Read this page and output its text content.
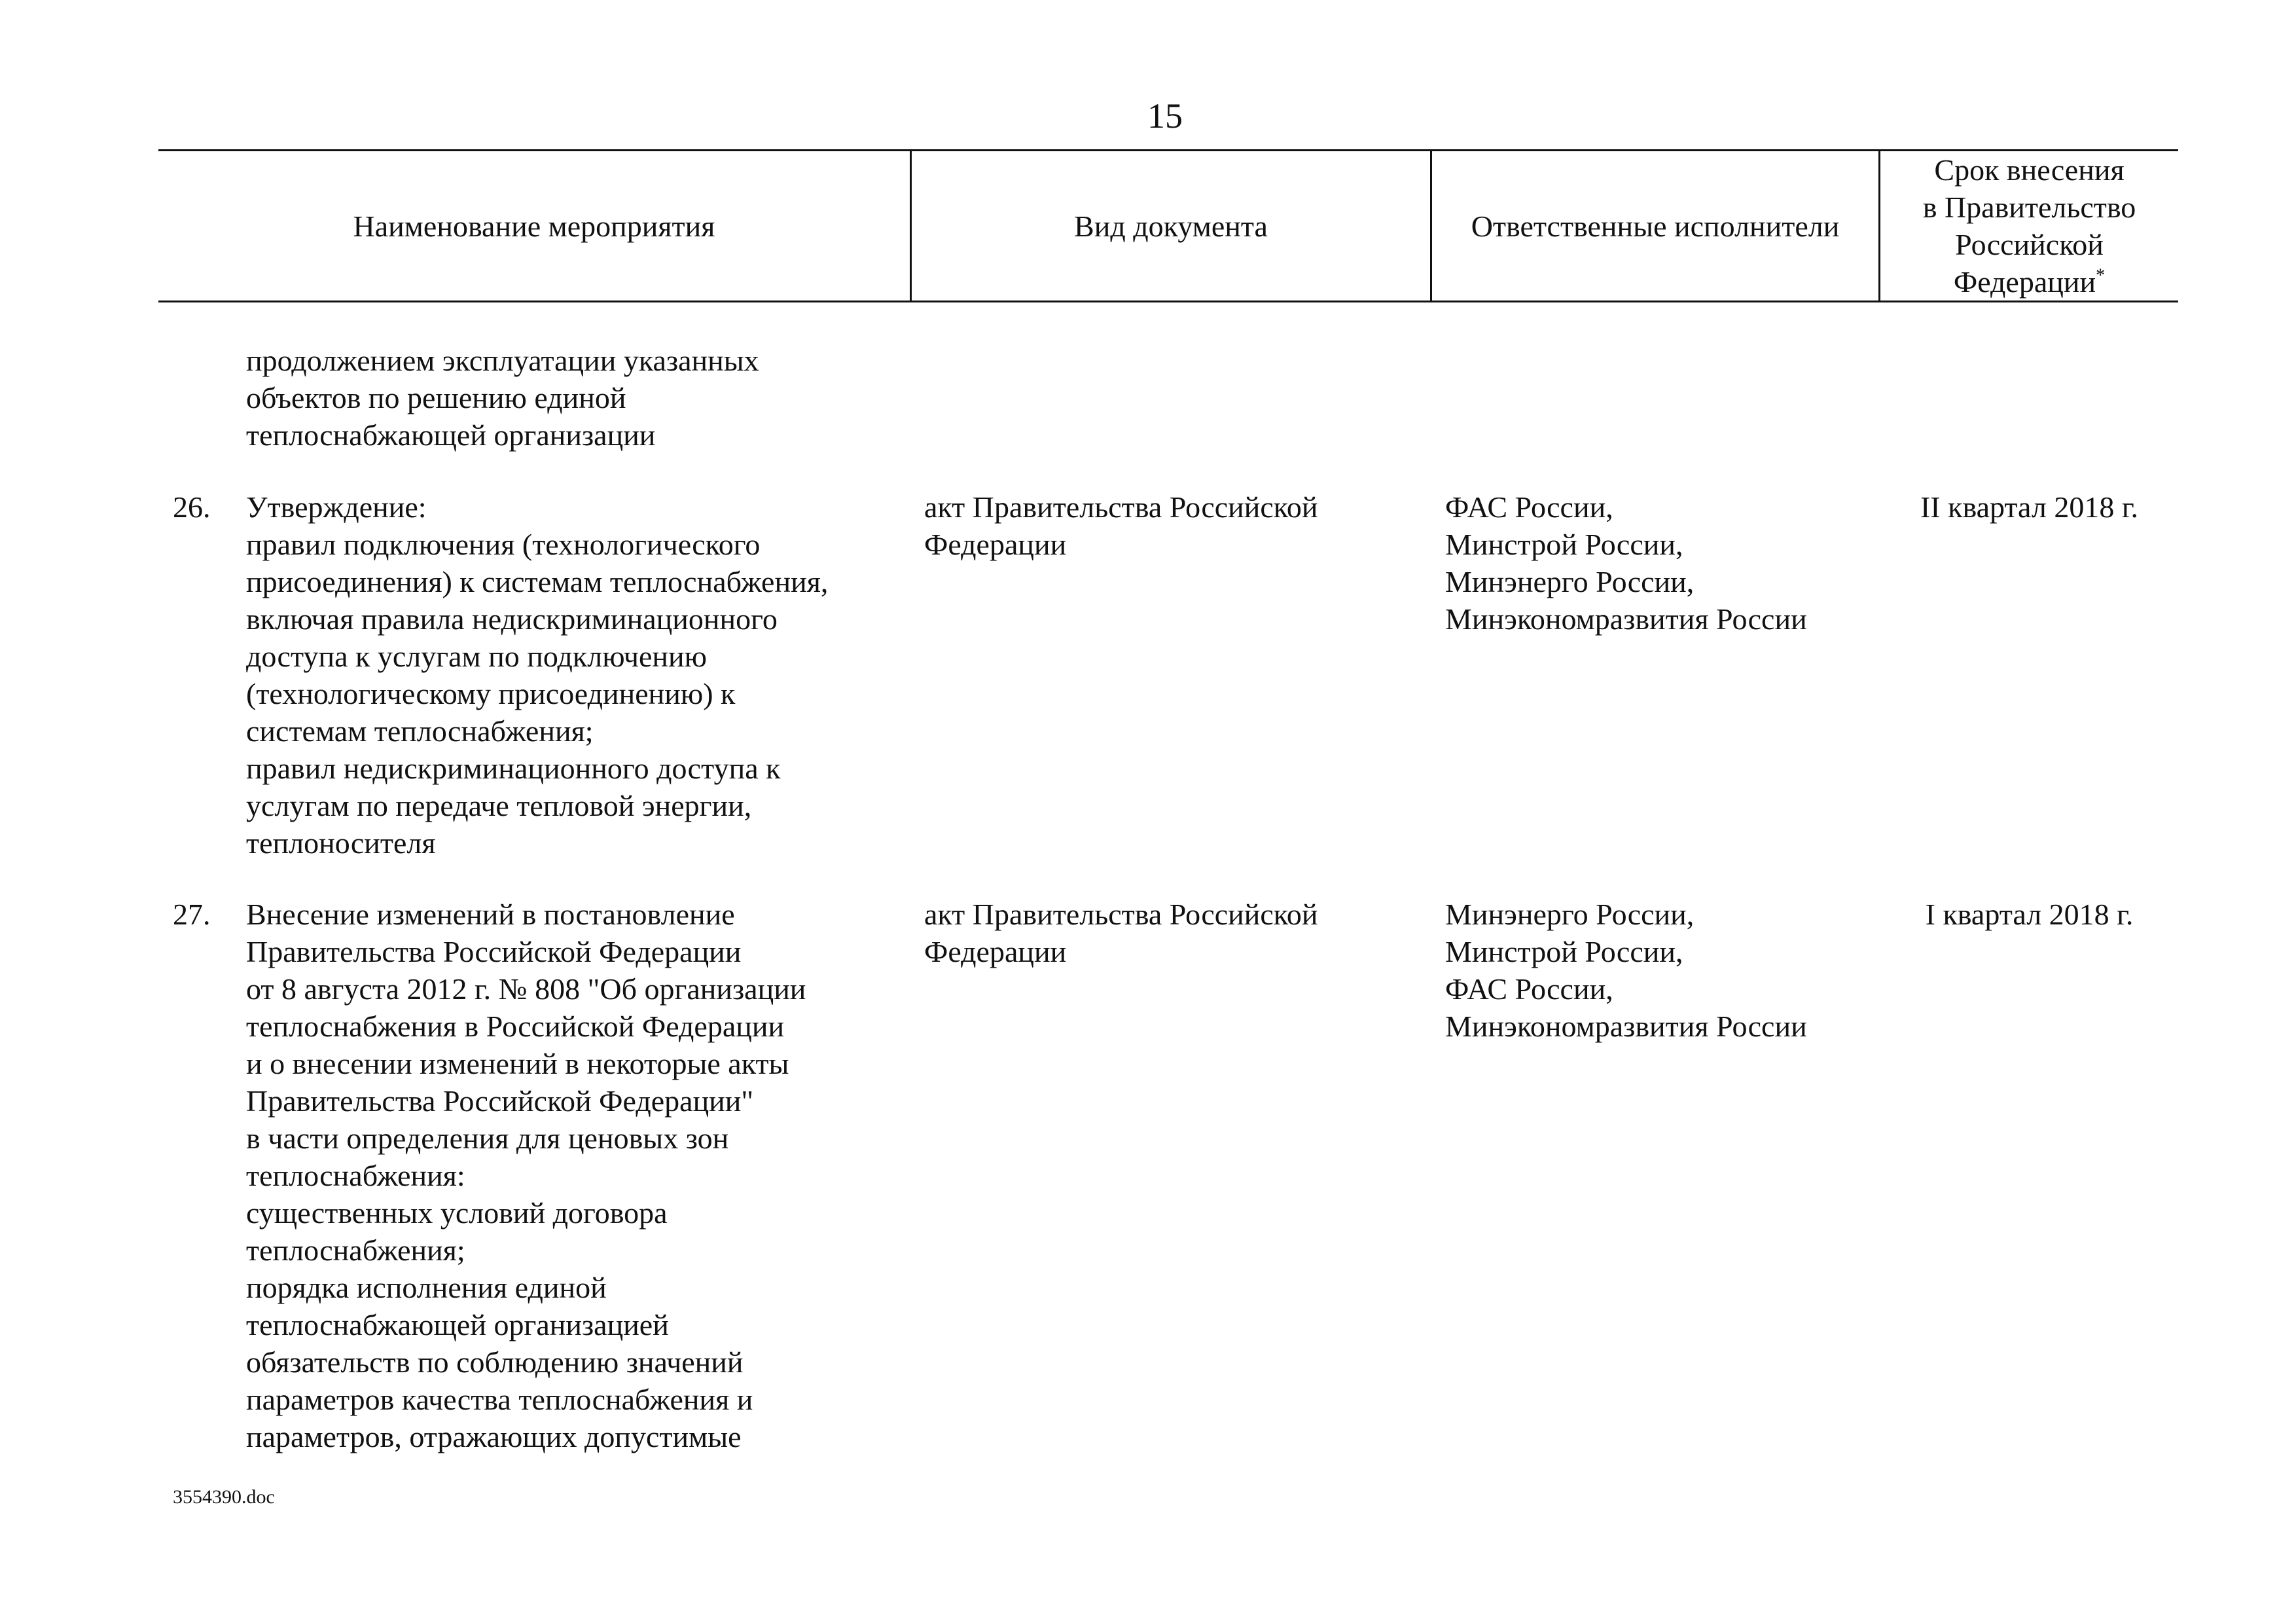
15
Наименование мероприятия	Вид документа	Ответственные исполнители
Срок внесения
в Правительство
Российской
Федерации*
продолжением эксплуатации указанных
объектов по решению единой
теплоснабжающей организации
26. Утверждение:
правил подключения (технологического
присоединения) к системам теплоснабжения,
включая правила недискриминационного
доступа к услугам по подключению
(технологическому присоединению) к
системам теплоснабжения;
правил недискриминационного доступа к
услугам по передаче тепловой энергии,
теплоносителя
акт Правительства Российской
Федерации
ФАС России,
Минстрой России,
Минэнерго России,
Минэкономразвития России
II квартал 2018 г.
27. Внесение изменений в постановление
Правительства Российской Федерации
от 8 августа 2012 г. № 808 "Об организации
теплоснабжения в Российской Федерации
и о внесении изменений в некоторые акты
Правительства Российской Федерации"
в части определения для ценовых зон
теплоснабжения:
существенных условий договора
теплоснабжения;
порядка исполнения единой
теплоснабжающей организацией
обязательств по соблюдению значений
параметров качества теплоснабжения и
параметров, отражающих допустимые
акт Правительства Российской
Федерации
Минэнерго России,
Минстрой России,
ФАС России,
Минэкономразвития России
I квартал 2018 г.
3554390.doc
